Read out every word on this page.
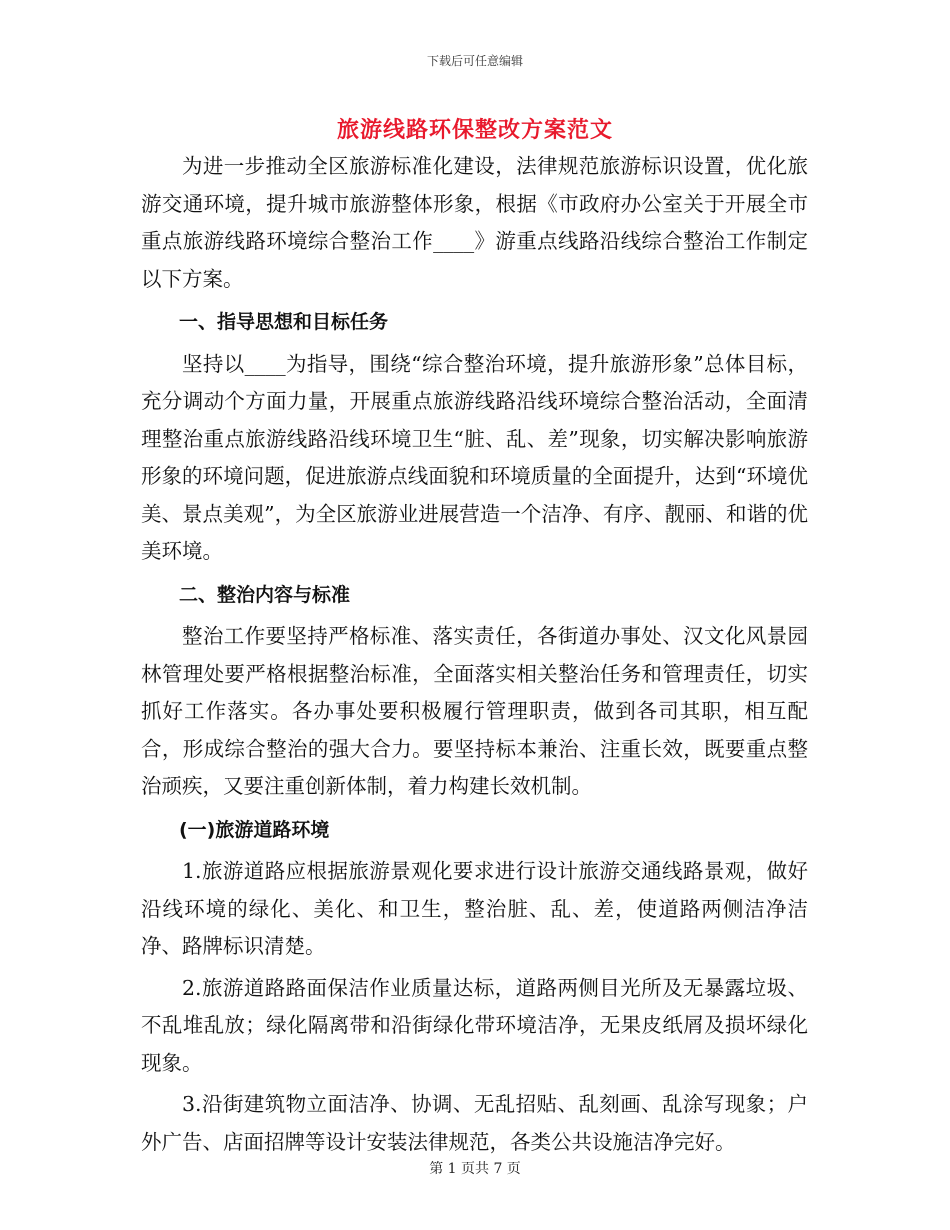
下载后可任意编辑
旅游线路环保整改方案范文

为进一步推动全区旅游标准化建设，法律规范旅游标识设置，优化旅游交通环境，提升城市旅游整体形象，根据《市政府办公室关于开展全市重点旅游线路环境综合整治工作____》游重点线路沿线综合整治工作制定以下方案。

一、指导思想和目标任务

坚持以____为指导，围绕“综合整治环境，提升旅游形象”总体目标，充分调动个方面力量，开展重点旅游线路沿线环境综合整治活动，全面清理整治重点旅游线路沿线环境卫生“脏、乱、差”现象，切实解决影响旅游形象的环境问题，促进旅游点线面貌和环境质量的全面提升，达到“环境优美、景点美观”，为全区旅游业进展营造一个洁净、有序、靓丽、和谐的优美环境。

二、整治内容与标准

整治工作要坚持严格标准、落实责任，各街道办事处、汉文化风景园林管理处要严格根据整治标准，全面落实相关整治任务和管理责任，切实抓好工作落实。各办事处要积极履行管理职责，做到各司其职，相互配合，形成综合整治的强大合力。要坚持标本兼治、注重长效，既要重点整治顽疾，又要注重创新体制，着力构建长效机制。

(一)旅游道路环境

1.旅游道路应根据旅游景观化要求进行设计旅游交通线路景观，做好沿线环境的绿化、美化、和卫生，整治脏、乱、差，使道路两侧洁净洁净、路牌标识清楚。

2.旅游道路路面保洁作业质量达标，道路两侧目光所及无暴露垃圾、不乱堆乱放；绿化隔离带和沿街绿化带环境洁净，无果皮纸屑及损坏绿化现象。

3.沿街建筑物立面洁净、协调、无乱招贴、乱刻画、乱涂写现象；户外广告、店面招牌等设计安装法律规范，各类公共设施洁净完好。

第 1 页共 7 页
